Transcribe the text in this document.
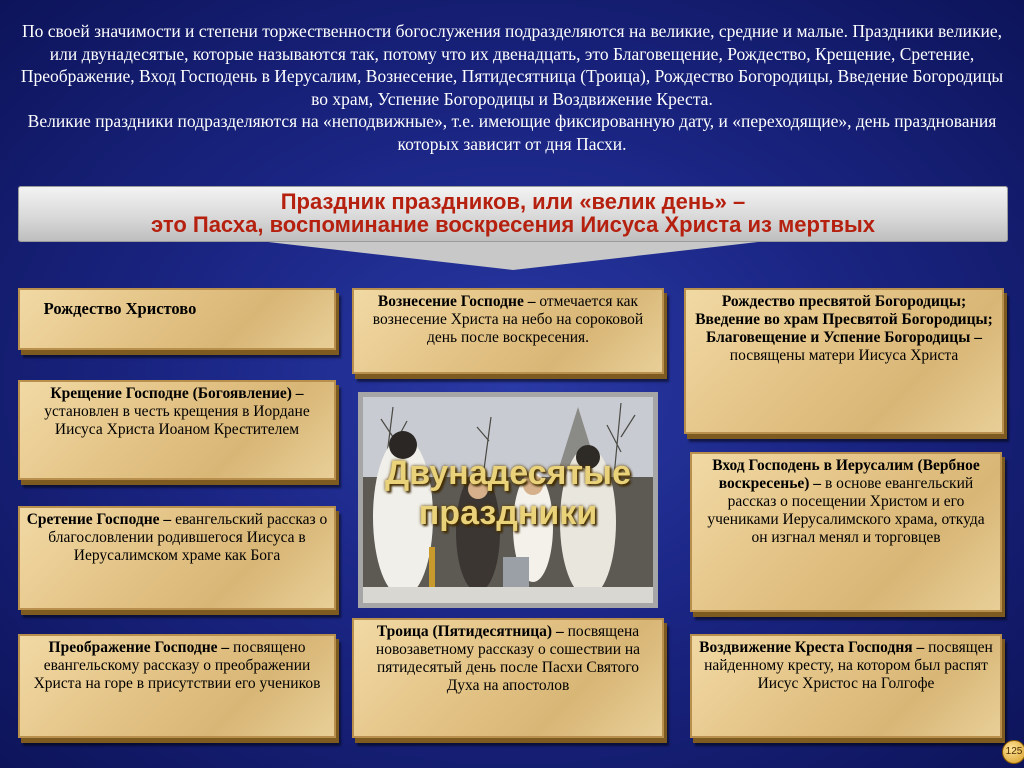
По своей значимости и степени торжественности богослужения подразделяются на великие, средние и малые. Праздники великие, или двунадесятые, которые называются так, потому что их двенадцать, это Благовещение, Рождество, Крещение, Сретение, Преображение, Вход Господень в Иерусалим, Вознесение, Пятидесятница (Троица), Рождество Богородицы, Введение Богородицы во храм, Успение Богородицы и Воздвижение Креста.

Великие праздники подразделяются на «неподвижные», т.е. имеющие фиксированную дату, и «переходящие», день празднования которых зависит от дня Пасхи.

Праздник праздников, или «велик день» –
это Пасха, воспоминание воскресения Иисуса Христа из мертвых
Рождество Христово
Крещение Господне (Богоявление) – установлен в честь крещения в Иордане Иисуса Христа Иоаном Крестителем
Сретение Господне – евангельский рассказ о благословлении родившегося Иисуса в Иерусалимском храме как Бога
Преображение Господне – посвящено евангельскому рассказу о преображении Христа на горе в присутствии его учеников
Вознесение Господне – отмечается как вознесение Христа на небо на сороковой день после воскресения.
Двунадесятые
праздники
Троица (Пятидесятница) – посвящена новозаветному рассказу о сошествии на пятидесятый день после Пасхи Святого Духа на апостолов
Рождество пресвятой Богородицы; Введение во храм Пресвятой Богородицы; Благовещение и Успение Богородицы – посвящены матери Иисуса Христа
Вход Господень в Иерусалим (Вербное воскресенье) – в основе евангельский рассказ о посещении Христом и его учениками Иерусалимского храма, откуда он изгнал менял и торговцев
Воздвижение Креста Господня – посвящен найденному кресту, на котором был распят Иисус Христос на Голгофе
125
